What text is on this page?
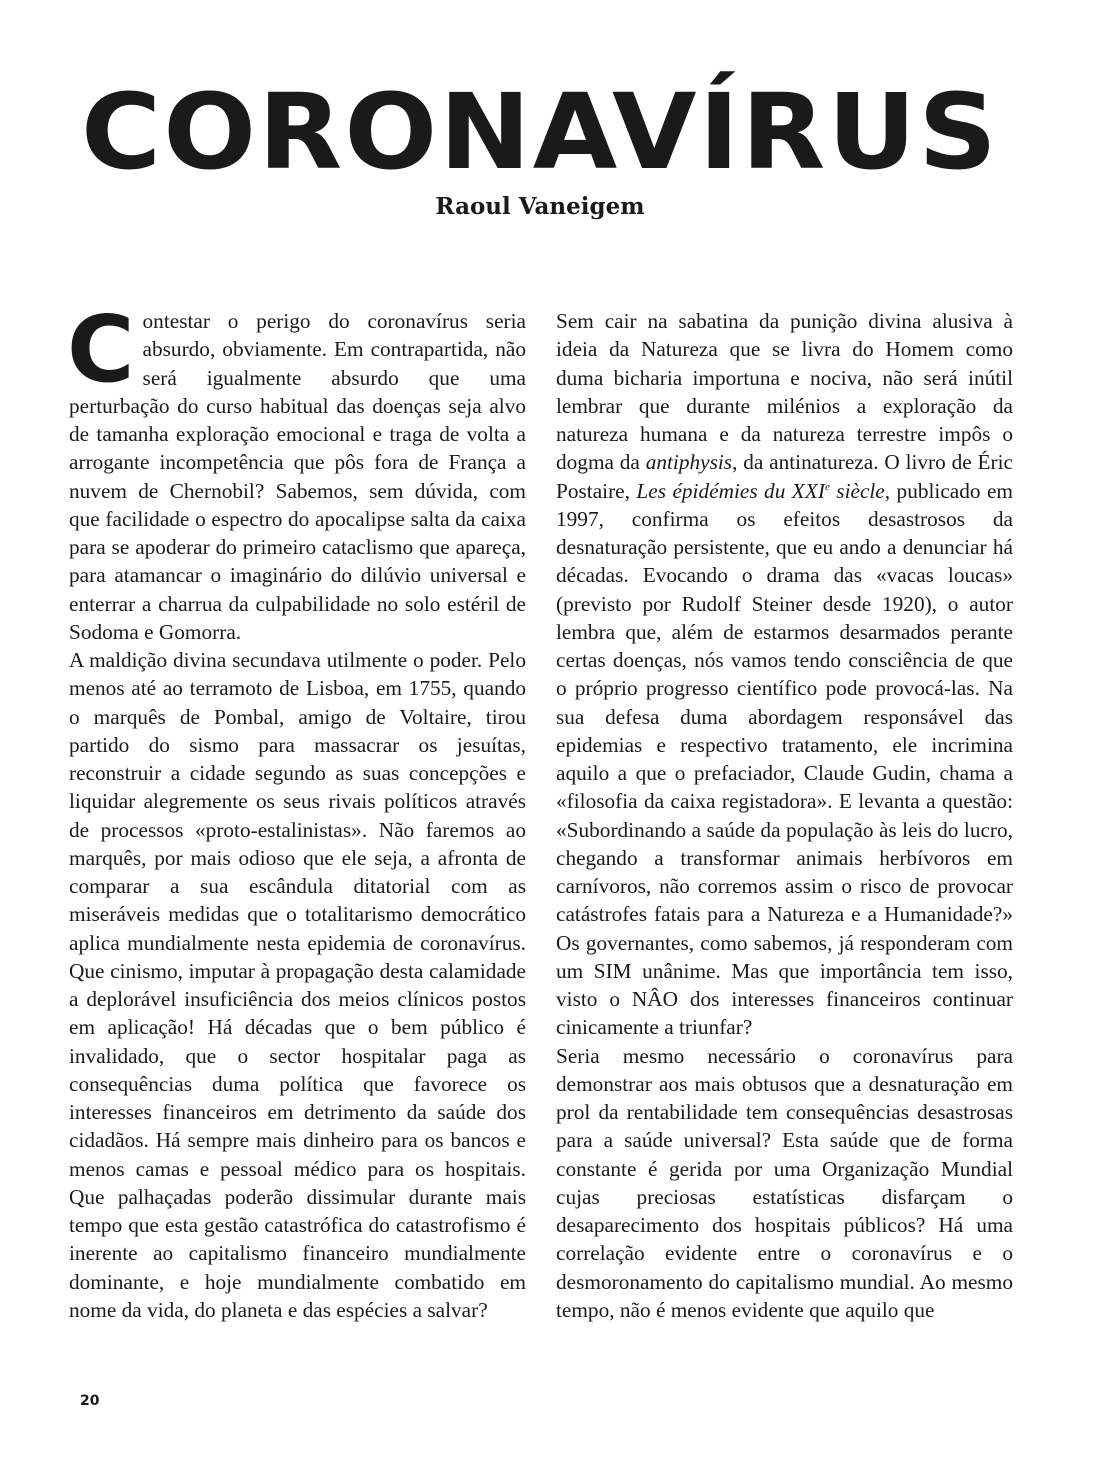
CORONAVÍRUS
Raoul Vaneigem

Contestar o perigo do coronavírus seria absurdo, obviamente. Em contrapartida, não será igualmente absurdo que uma perturbação do curso habitual das doenças seja alvo de tamanha exploração emocional e traga de volta a arrogante incompetência que pôs fora de França a nuvem de Chernobil? Sabemos, sem dúvida, com que facilidade o espectro do apocalipse salta da caixa para se apoderar do primeiro cataclismo que apareça, para atamancar o imaginário do dilúvio universal e enterrar a charrua da culpabilidade no solo estéril de Sodoma e Gomorra.

A maldição divina secundava utilmente o poder. Pelo menos até ao terramoto de Lisboa, em 1755, quando o marquês de Pombal, amigo de Voltaire, tirou partido do sismo para massacrar os jesuítas, reconstruir a cidade segundo as suas concepções e liquidar alegremente os seus rivais políticos através de processos «proto-estalinistas». Não faremos ao marquês, por mais odioso que ele seja, a afronta de comparar a sua escândula ditatorial com as miseráveis medidas que o totalitarismo democrático aplica mundialmente nesta epidemia de coronavírus. Que cinismo, imputar à propagação desta calamidade a deplorável insuficiência dos meios clínicos postos em aplicação! Há décadas que o bem público é invalidado, que o sector hospitalar paga as consequências duma política que favorece os interesses financeiros em detrimento da saúde dos cidadãos. Há sempre mais dinheiro para os bancos e menos camas e pessoal médico para os hospitais. Que palhaçadas poderão dissimular durante mais tempo que esta gestão catastrófica do catastrofismo é inerente ao capitalismo financeiro mundialmente dominante, e hoje mundialmente combatido em nome da vida, do planeta e das espécies a salvar?

Sem cair na sabatina da punição divina alusiva à ideia da Natureza que se livra do Homem como duma bicharia importuna e nociva, não será inútil lembrar que durante milénios a exploração da natureza humana e da natureza terrestre impôs o dogma da antiphysis, da antinatureza. O livro de Éric Postaire, Les épidémies du XXIe siècle, publicado em 1997, confirma os efeitos desastrosos da desnaturação persistente, que eu ando a denunciar há décadas. Evocando o drama das «vacas loucas» (previsto por Rudolf Steiner desde 1920), o autor lembra que, além de estarmos desarmados perante certas doenças, nós vamos tendo consciência de que o próprio progresso científico pode provocá-las. Na sua defesa duma abordagem responsável das epidemias e respectivo tratamento, ele incrimina aquilo a que o prefaciador, Claude Gudin, chama a «filosofia da caixa registadora». E levanta a questão: «Subordinando a saúde da população às leis do lucro, chegando a transformar animais herbívoros em carnívoros, não corremos assim o risco de provocar catástrofes fatais para a Natureza e a Humanidade?» Os governantes, como sabemos, já responderam com um SIM unânime. Mas que importância tem isso, visto o NÂO dos interesses financeiros continuar cinicamente a triunfar?

Seria mesmo necessário o coronavírus para demonstrar aos mais obtusos que a desnaturação em prol da rentabilidade tem consequências desastrosas para a saúde universal? Esta saúde que de forma constante é gerida por uma Organização Mundial cujas preciosas estatísticas disfarçam o desaparecimento dos hospitais públicos? Há uma correlação evidente entre o coronavírus e o desmoronamento do capitalismo mundial. Ao mesmo tempo, não é menos evidente que aquilo que

20
